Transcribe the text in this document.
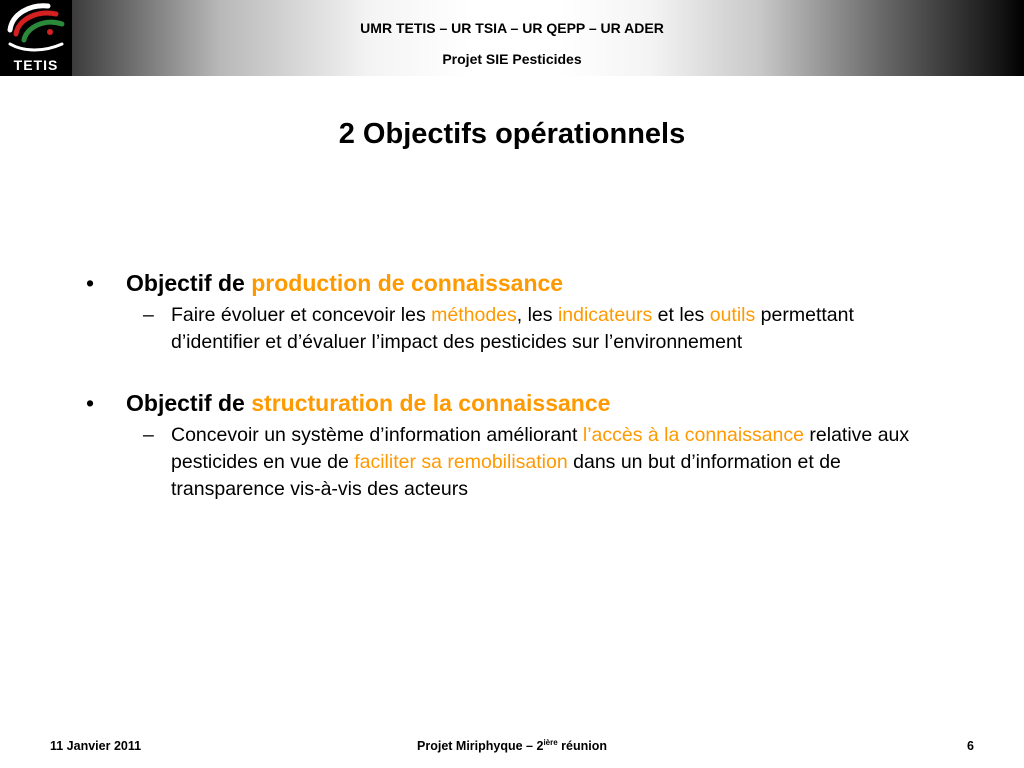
TETIS
UMR TETIS – UR TSIA – UR QEPP – UR ADER
Projet SIE Pesticides
2 Objectifs opérationnels
• Objectif de production de connaissance
– Faire évoluer et concevoir les méthodes, les indicateurs et les outils permettant d’identifier et d’évaluer l’impact des pesticides sur l’environnement
• Objectif de structuration de la connaissance
– Concevoir un système d’information améliorant l’accès à la connaissance relative aux pesticides en vue de faciliter sa remobilisation dans un but d’information et de transparence vis-à-vis des acteurs
11 Janvier 2011	Projet Miriphyque – $2^{ière}$ réunion	6
